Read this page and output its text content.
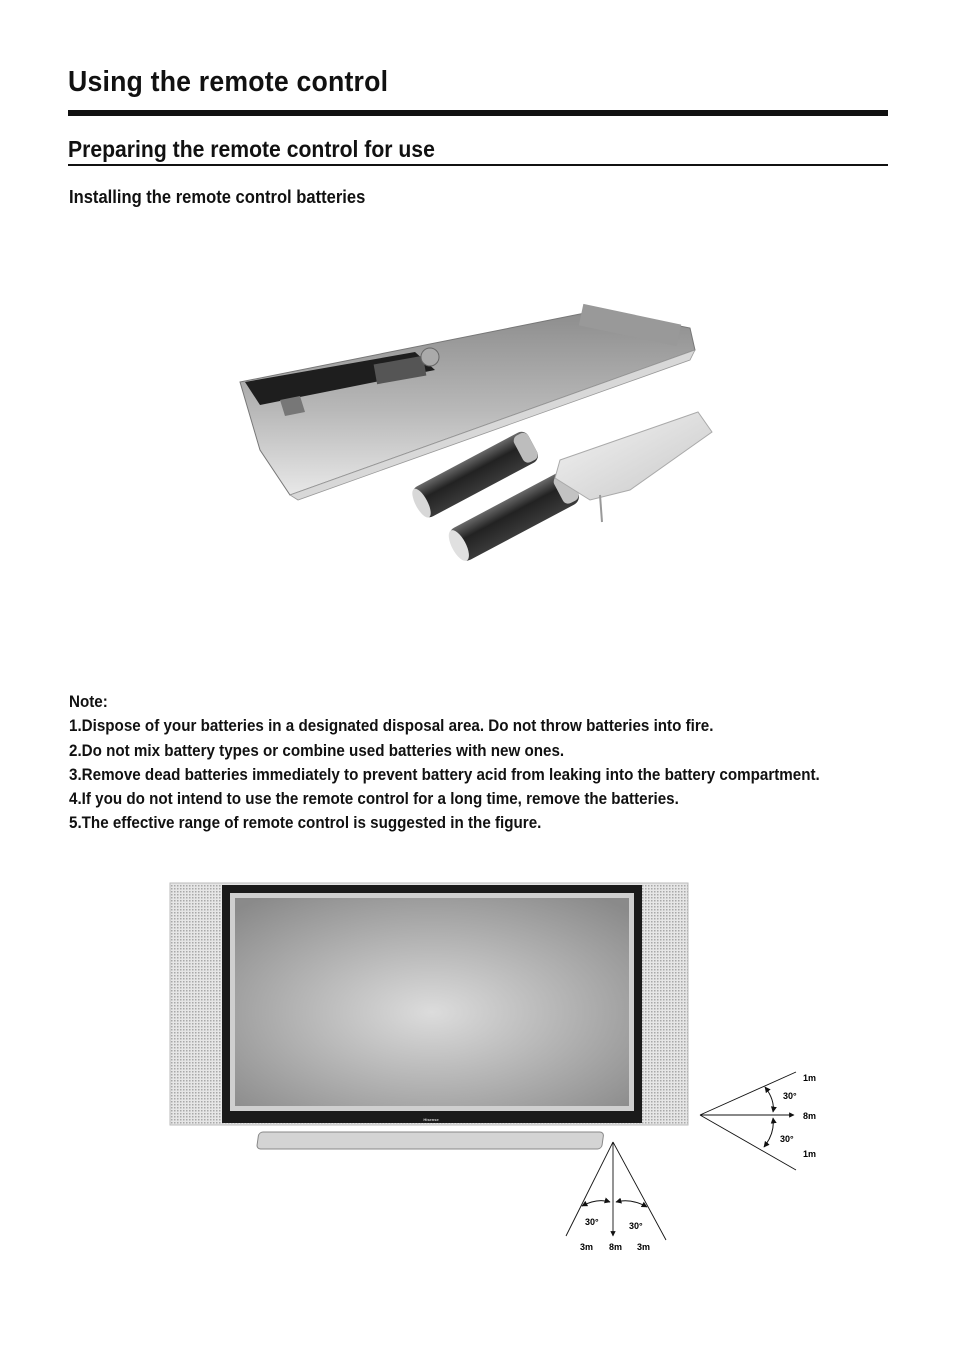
Using the remote control
Preparing the remote control for use
Installing the remote control batteries

Note:

1.Dispose of your batteries in a designated disposal area. Do not throw batteries into fire.

2.Do not mix battery types or combine used batteries with new ones.

3.Remove dead batteries immediately to prevent battery acid from leaking into the battery compartment.

4.If you do not intend to use the remote control for a long time, remove the batteries.

5.The effective range of remote control is suggested in the figure.

Hisense
30°	30°
3m 8m 3m
30°
30°
1m
8m
1m
